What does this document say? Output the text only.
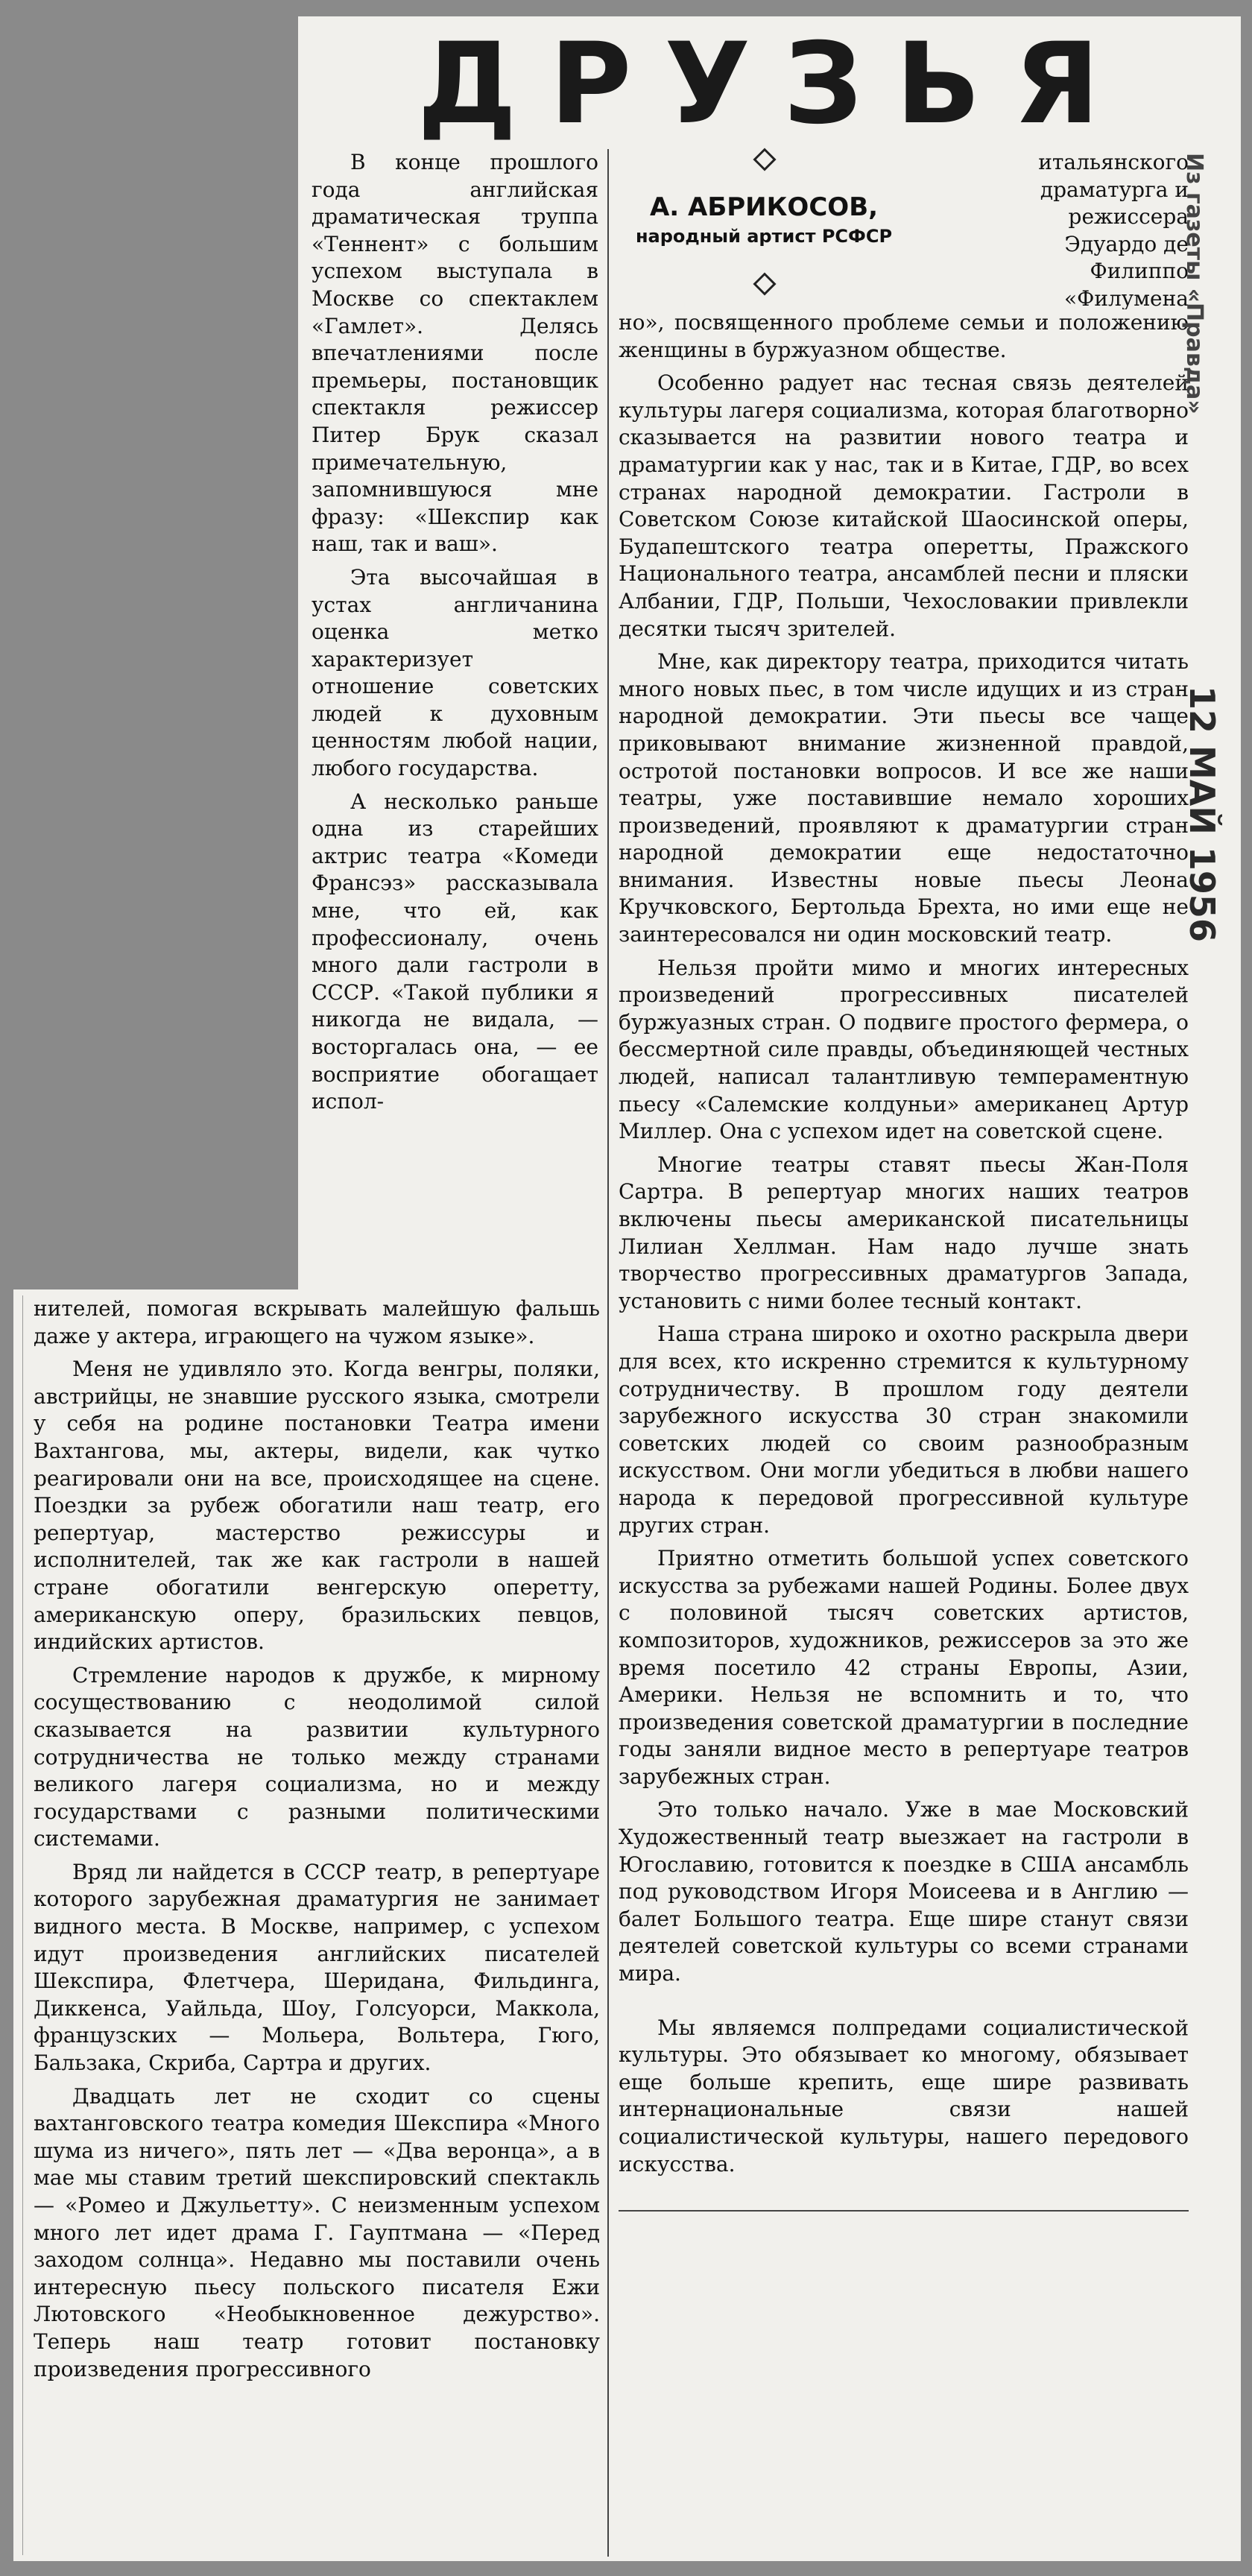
ДРУЗЬЯ
А. АБРИКОСОВ,
народный артист РСФСР

В конце прошлого года английская драматическая труппа «Теннент» с большим успехом выступала в Москве со спектаклем «Гамлет». Делясь впечатлениями после премьеры, постановщик спектакля режиссер Питер Брук сказал примечательную, запомнившуюся мне фразу: «Шекспир как наш, так и ваш».

Эта высочайшая в устах англичанина оценка метко характеризует отношение советских людей к духовным ценностям любой нации, любого государства.

А несколько раньше одна из старейших актрис театра «Комеди Франсэз» рассказывала мне, что ей, как профессионалу, очень много дали гастроли в СССР. «Такой публики я никогда не видала, — восторгалась она, — ее восприятие обогащает испол-

итальянского драматурга и режиссера Эдуардо де Филиппо «Филумена

но», посвященного проблеме семьи и положению женщины в буржуазном обществе.

Особенно радует нас тесная связь деятелей культуры лагеря социализма, которая благотворно сказывается на развитии нового театра и драматургии как у нас, так и в Китае, ГДР, во всех странах народной демократии. Гастроли в Советском Союзе китайской Шаосинской оперы, Будапештского театра оперетты, Пражского Национального театра, ансамблей песни и пляски Албании, ГДР, Польши, Чехословакии привлекли десятки тысяч зрителей.

Мне, как директору театра, приходится читать много новых пьес, в том числе идущих и из стран народной демократии. Эти пьесы все чаще приковывают внимание жизненной правдой, остротой постановки вопросов. И все же наши театры, уже поставившие немало хороших произведений, проявляют к драматургии стран народной демократии еще недостаточно внимания. Известны новые пьесы Леона Кручковского, Бертольда Брехта, но ими еще не заинтересовался ни один московский театр.

Нельзя пройти мимо и многих интересных произведений прогрессивных писателей буржуазных стран. О подвиге простого фермера, о бессмертной силе правды, объединяющей честных людей, написал талантливую темпераментную пьесу «Салемские колдуньи» американец Артур Миллер. Она с успехом идет на советской сцене.

Многие театры ставят пьесы Жан-Поля Сартра. В репертуар многих наших театров включены пьесы американской писательницы Лилиан Хеллман. Нам надо лучше знать творчество прогрессивных драматургов Запада, установить с ними более тесный контакт.

Наша страна широко и охотно раскрыла двери для всех, кто искренно стремится к культурному сотрудничеству. В прошлом году деятели зарубежного искусства 30 стран знакомили советских людей со своим разнообразным искусством. Они могли убедиться в любви нашего народа к передовой прогрессивной культуре других стран.

Приятно отметить большой успех советского искусства за рубежами нашей Родины. Более двух с половиной тысяч советских артистов, композиторов, художников, режиссеров за это же время посетило 42 страны Европы, Азии, Америки. Нельзя не вспомнить и то, что произведения советской драматургии в последние годы заняли видное место в репертуаре театров зарубежных стран.

Это только начало. Уже в мае Московский Художественный театр выезжает на гастроли в Югославию, готовится к поездке в США ансамбль под руководством Игоря Моисеева и в Англию — балет Большого театра. Еще шире станут связи деятелей советской культуры со всеми странами мира.

Мы являемся полпредами социалистической культуры. Это обязывает ко многому, обязывает еще больше крепить, еще шире развивать интернациональные связи нашей социалистической культуры, нашего передового искусства.

нителей, помогая вскрывать малейшую фальшь даже у актера, играющего на чужом языке».

Меня не удивляло это. Когда венгры, поляки, австрийцы, не знавшие русского языка, смотрели у себя на родине постановки Театра имени Вахтангова, мы, актеры, видели, как чутко реагировали они на все, происходящее на сцене. Поездки за рубеж обогатили наш театр, его репертуар, мастерство режиссуры и исполнителей, так же как гастроли в нашей стране обогатили венгерскую оперетту, американскую оперу, бразильских певцов, индийских артистов.

Стремление народов к дружбе, к мирному сосуществованию с неодолимой силой сказывается на развитии культурного сотрудничества не только между странами великого лагеря социализма, но и между государствами с разными политическими системами.

Вряд ли найдется в СССР театр, в репертуаре которого зарубежная драматургия не занимает видного места. В Москве, например, с успехом идут произведения английских писателей Шекспира, Флетчера, Шеридана, Фильдинга, Диккенса, Уайльда, Шоу, Голсуорси, Маккола, французских — Мольера, Вольтера, Гюго, Бальзака, Скриба, Сартра и других.

Двадцать лет не сходит со сцены вахтанговского театра комедия Шекспира «Много шума из ничего», пять лет — «Два веронца», а в мае мы ставим третий шекспировский спектакль — «Ромео и Джульетту». С неизменным успехом много лет идет драма Г. Гауптмана — «Перед заходом солнца». Недавно мы поставили очень интересную пьесу польского писателя Ежи Лютовского «Необыкновенное дежурство». Теперь наш театр готовит постановку произведения прогрессивного

Из газеты «Правда»
12 МАЙ 1956
